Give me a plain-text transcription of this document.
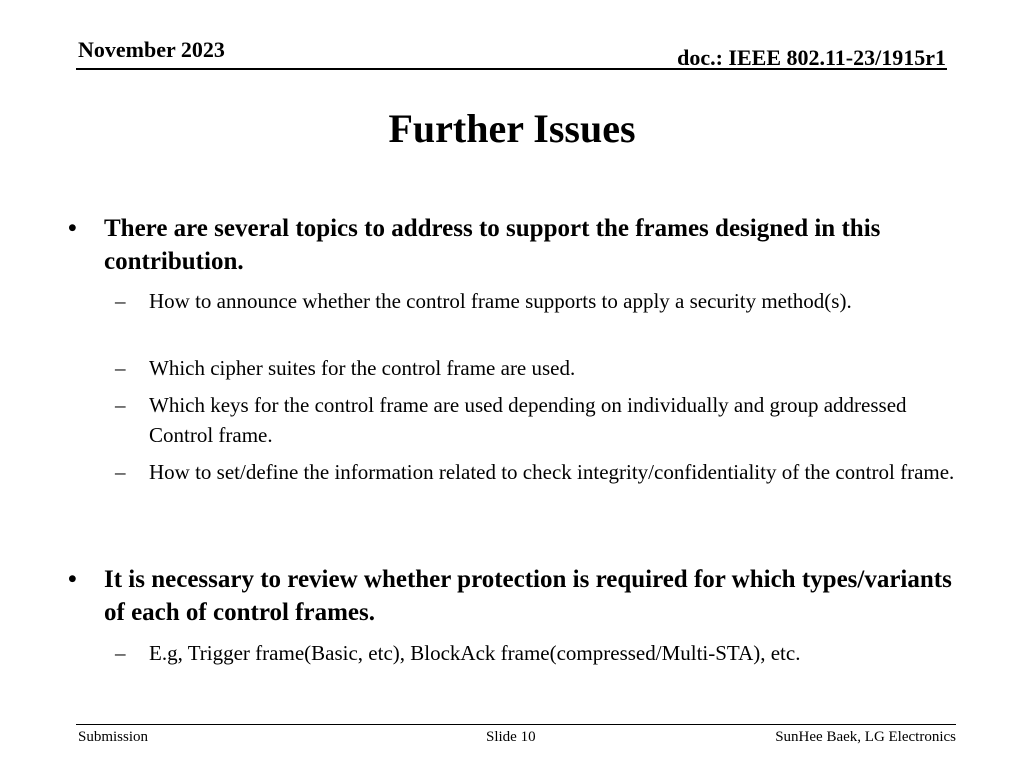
November 2023	doc.: IEEE 802.11-23/1915r1
Further Issues
• There are several topics to address to support the frames designed in this contribution.
– How to announce whether the control frame supports to apply a security method(s).
– Which cipher suites for the control frame are used.
– Which keys for the control frame are used depending on individually and group addressed Control frame.
– How to set/define the information related to check integrity/confidentiality of the control frame.
• It is necessary to review whether protection is required for which types/variants of each of control frames.
– E.g, Trigger frame(Basic, etc), BlockAck frame(compressed/Multi-STA), etc.
Submission	Slide 10	SunHee Baek, LG Electronics
